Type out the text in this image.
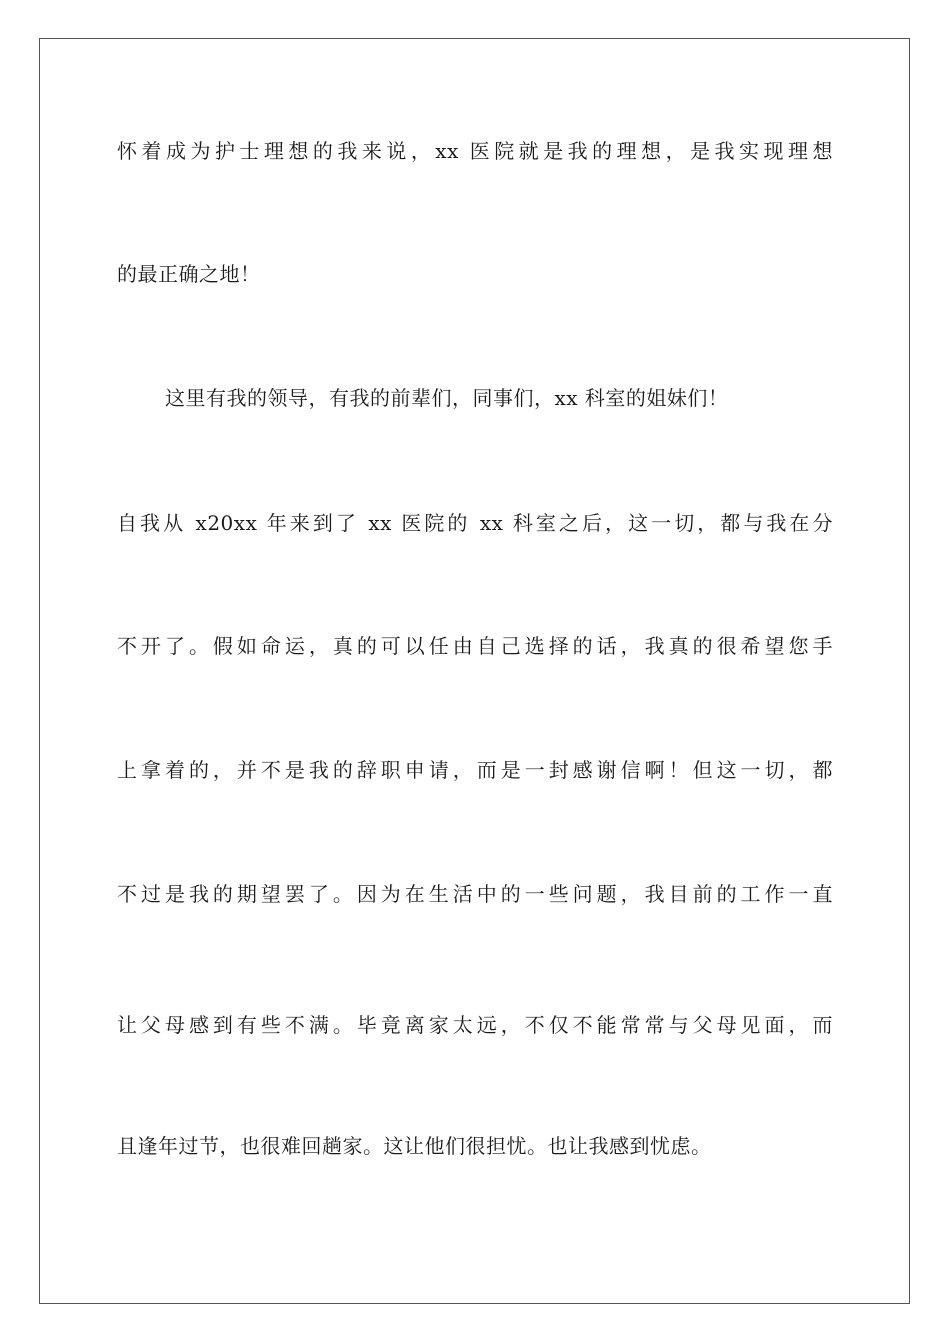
怀着成为护士理想的我来说，xx 医院就是我的理想，是我实现理想
的最正确之地！
这里有我的领导，有我的前辈们，同事们，xx 科室的姐妹们！
自我从 x20xx 年来到了 xx 医院的 xx 科室之后，这一切，都与我在分
不开了。假如命运，真的可以任由自己选择的话，我真的很希望您手
上拿着的，并不是我的辞职申请，而是一封感谢信啊！但这一切，都
不过是我的期望罢了。因为在生活中的一些问题，我目前的工作一直
让父母感到有些不满。毕竟离家太远，不仅不能常常与父母见面，而
且逢年过节，也很难回趟家。这让他们很担忧。也让我感到忧虑。
